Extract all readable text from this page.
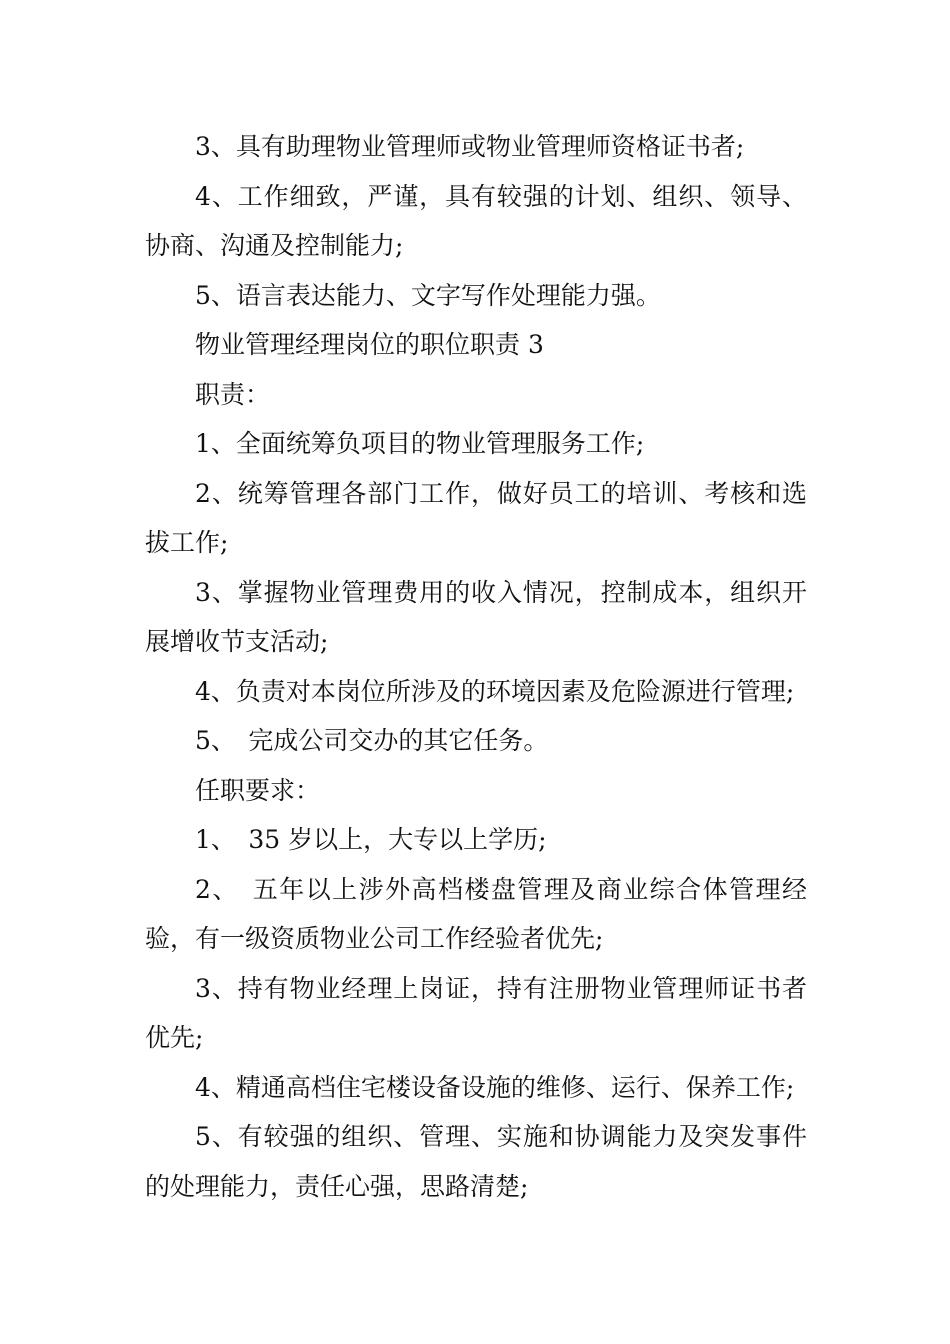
3、具有助理物业管理师或物业管理师资格证书者;

4、工作细致，严谨，具有较强的计划、组织、领导、协商、沟通及控制能力;

5、语言表达能力、文字写作处理能力强。

物业管理经理岗位的职位职责 3

职责：

1、全面统筹负项目的物业管理服务工作;

2、统筹管理各部门工作，做好员工的培训、考核和选拔工作;

3、掌握物业管理费用的收入情况，控制成本，组织开展增收节支活动;

4、负责对本岗位所涉及的环境因素及危险源进行管理;

5、　完成公司交办的其它任务。

任职要求：

1、　35 岁以上，大专以上学历;

2、　五年以上涉外高档楼盘管理及商业综合体管理经验，有一级资质物业公司工作经验者优先;

3、持有物业经理上岗证，持有注册物业管理师证书者优先;

4、精通高档住宅楼设备设施的维修、运行、保养工作;

5、有较强的组织、管理、实施和协调能力及突发事件的处理能力，责任心强，思路清楚;
